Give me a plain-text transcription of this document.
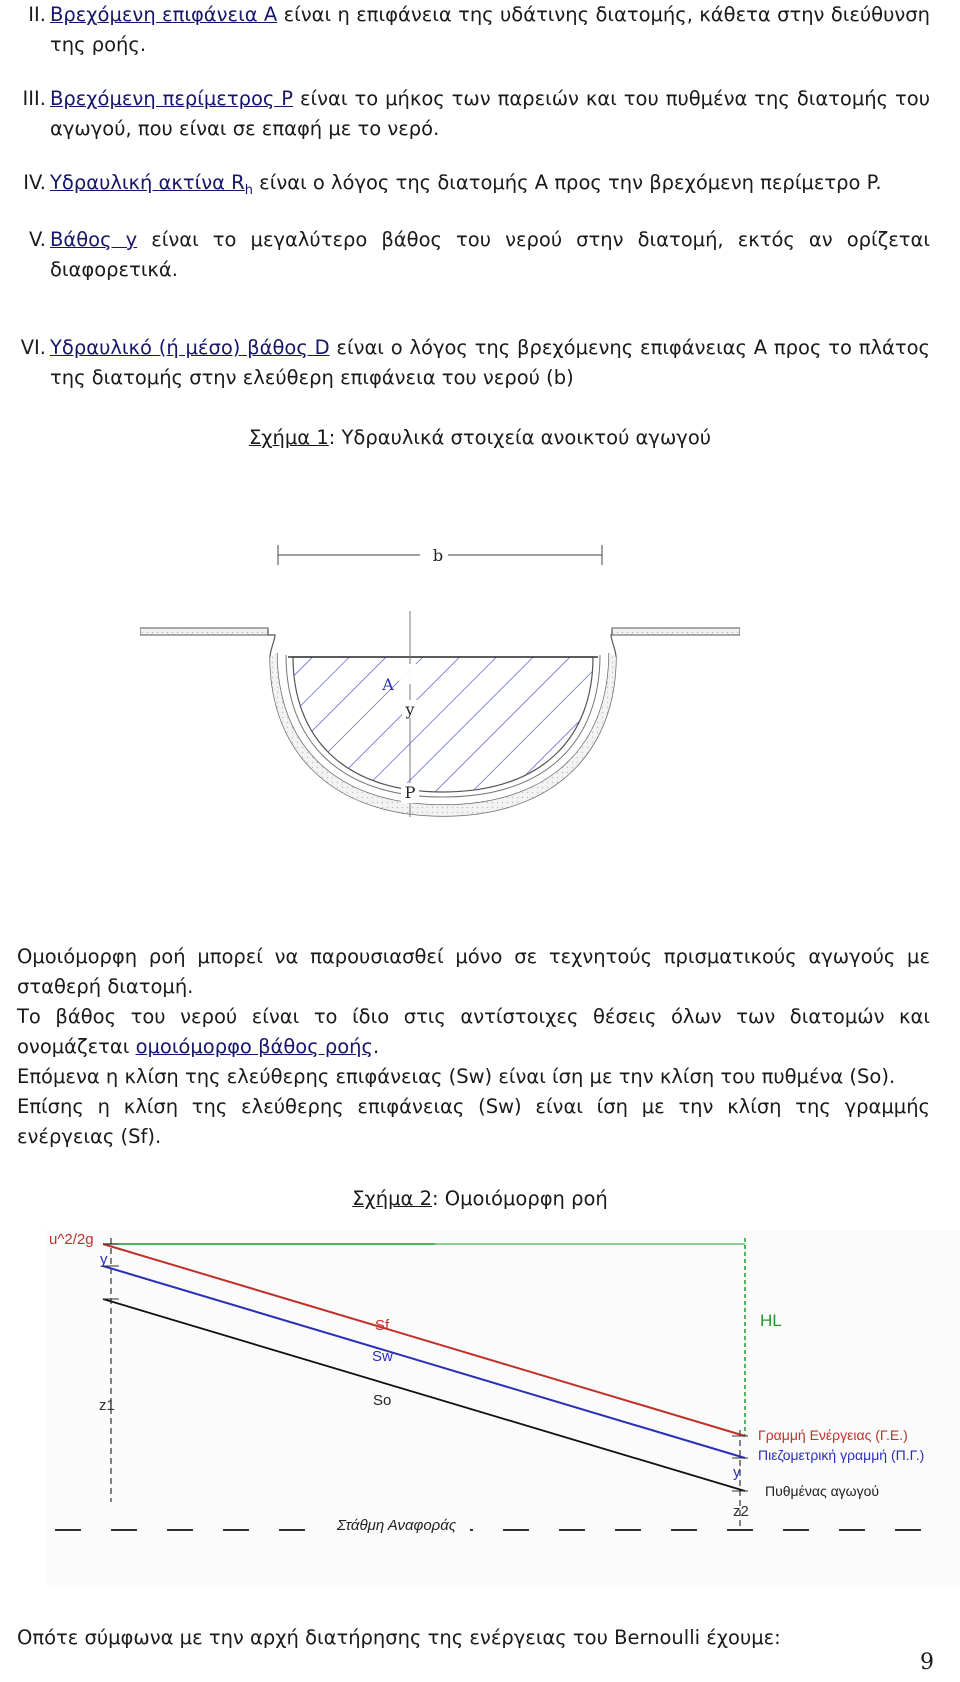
II. Βρεχόμενη επιφάνεια Α είναι η επιφάνεια της υδάτινης διατομής, κάθετα στην διεύθυνση της ροής.
III. Βρεχόμενη περίμετρος P είναι το μήκος των παρειών και του πυθμένα της διατομής του αγωγού, που είναι σε επαφή με το νερό.
IV. Υδραυλική ακτίνα $R_h$ είναι ο λόγος της διατομής A προς την βρεχόμενη περίμετρο P.
V. Βάθος y είναι το μεγαλύτερο βάθος του νερού στην διατομή, εκτός αν ορίζεται διαφορετικά.
VI. Υδραυλικό (ή μέσο) βάθος D είναι ο λόγος της βρεχόμενης επιφάνειας A προς το πλάτος της διατομής στην ελεύθερη επιφάνεια του νερού (b)
Σχήμα 1: Υδραυλικά στοιχεία ανοικτού αγωγού
b
A
y
P
Ομοιόμορφη ροή μπορεί να παρουσιασθεί μόνο σε τεχνητούς πρισματικούς αγωγούς με σταθερή διατομή.
Το βάθος του νερού είναι το ίδιο στις αντίστοιχες θέσεις όλων των διατομών και ονομάζεται ομοιόμορφο βάθος ροής.
Επόμενα η κλίση της ελεύθερης επιφάνειας (Sw) είναι ίση με την κλίση του πυθμένα (So).
Επίσης η κλίση της ελεύθερης επιφάνειας (Sw) είναι ίση με την κλίση της γραμμής ενέργειας (Sf).
Σχήμα 2: Ομοιόμορφη ροή
HL
u^2/2g
y
z1
Sf
Sw
So
Γραμμή Ενέργειας (Γ.Ε.)
Πιεζομετρική γραμμή (Π.Γ.)
y
Πυθμένας αγωγού
z2
Στάθμη Αναφοράς
Οπότε σύμφωνα με την αρχή διατήρησης της ενέργειας του Bernoulli έχουμε:
9
